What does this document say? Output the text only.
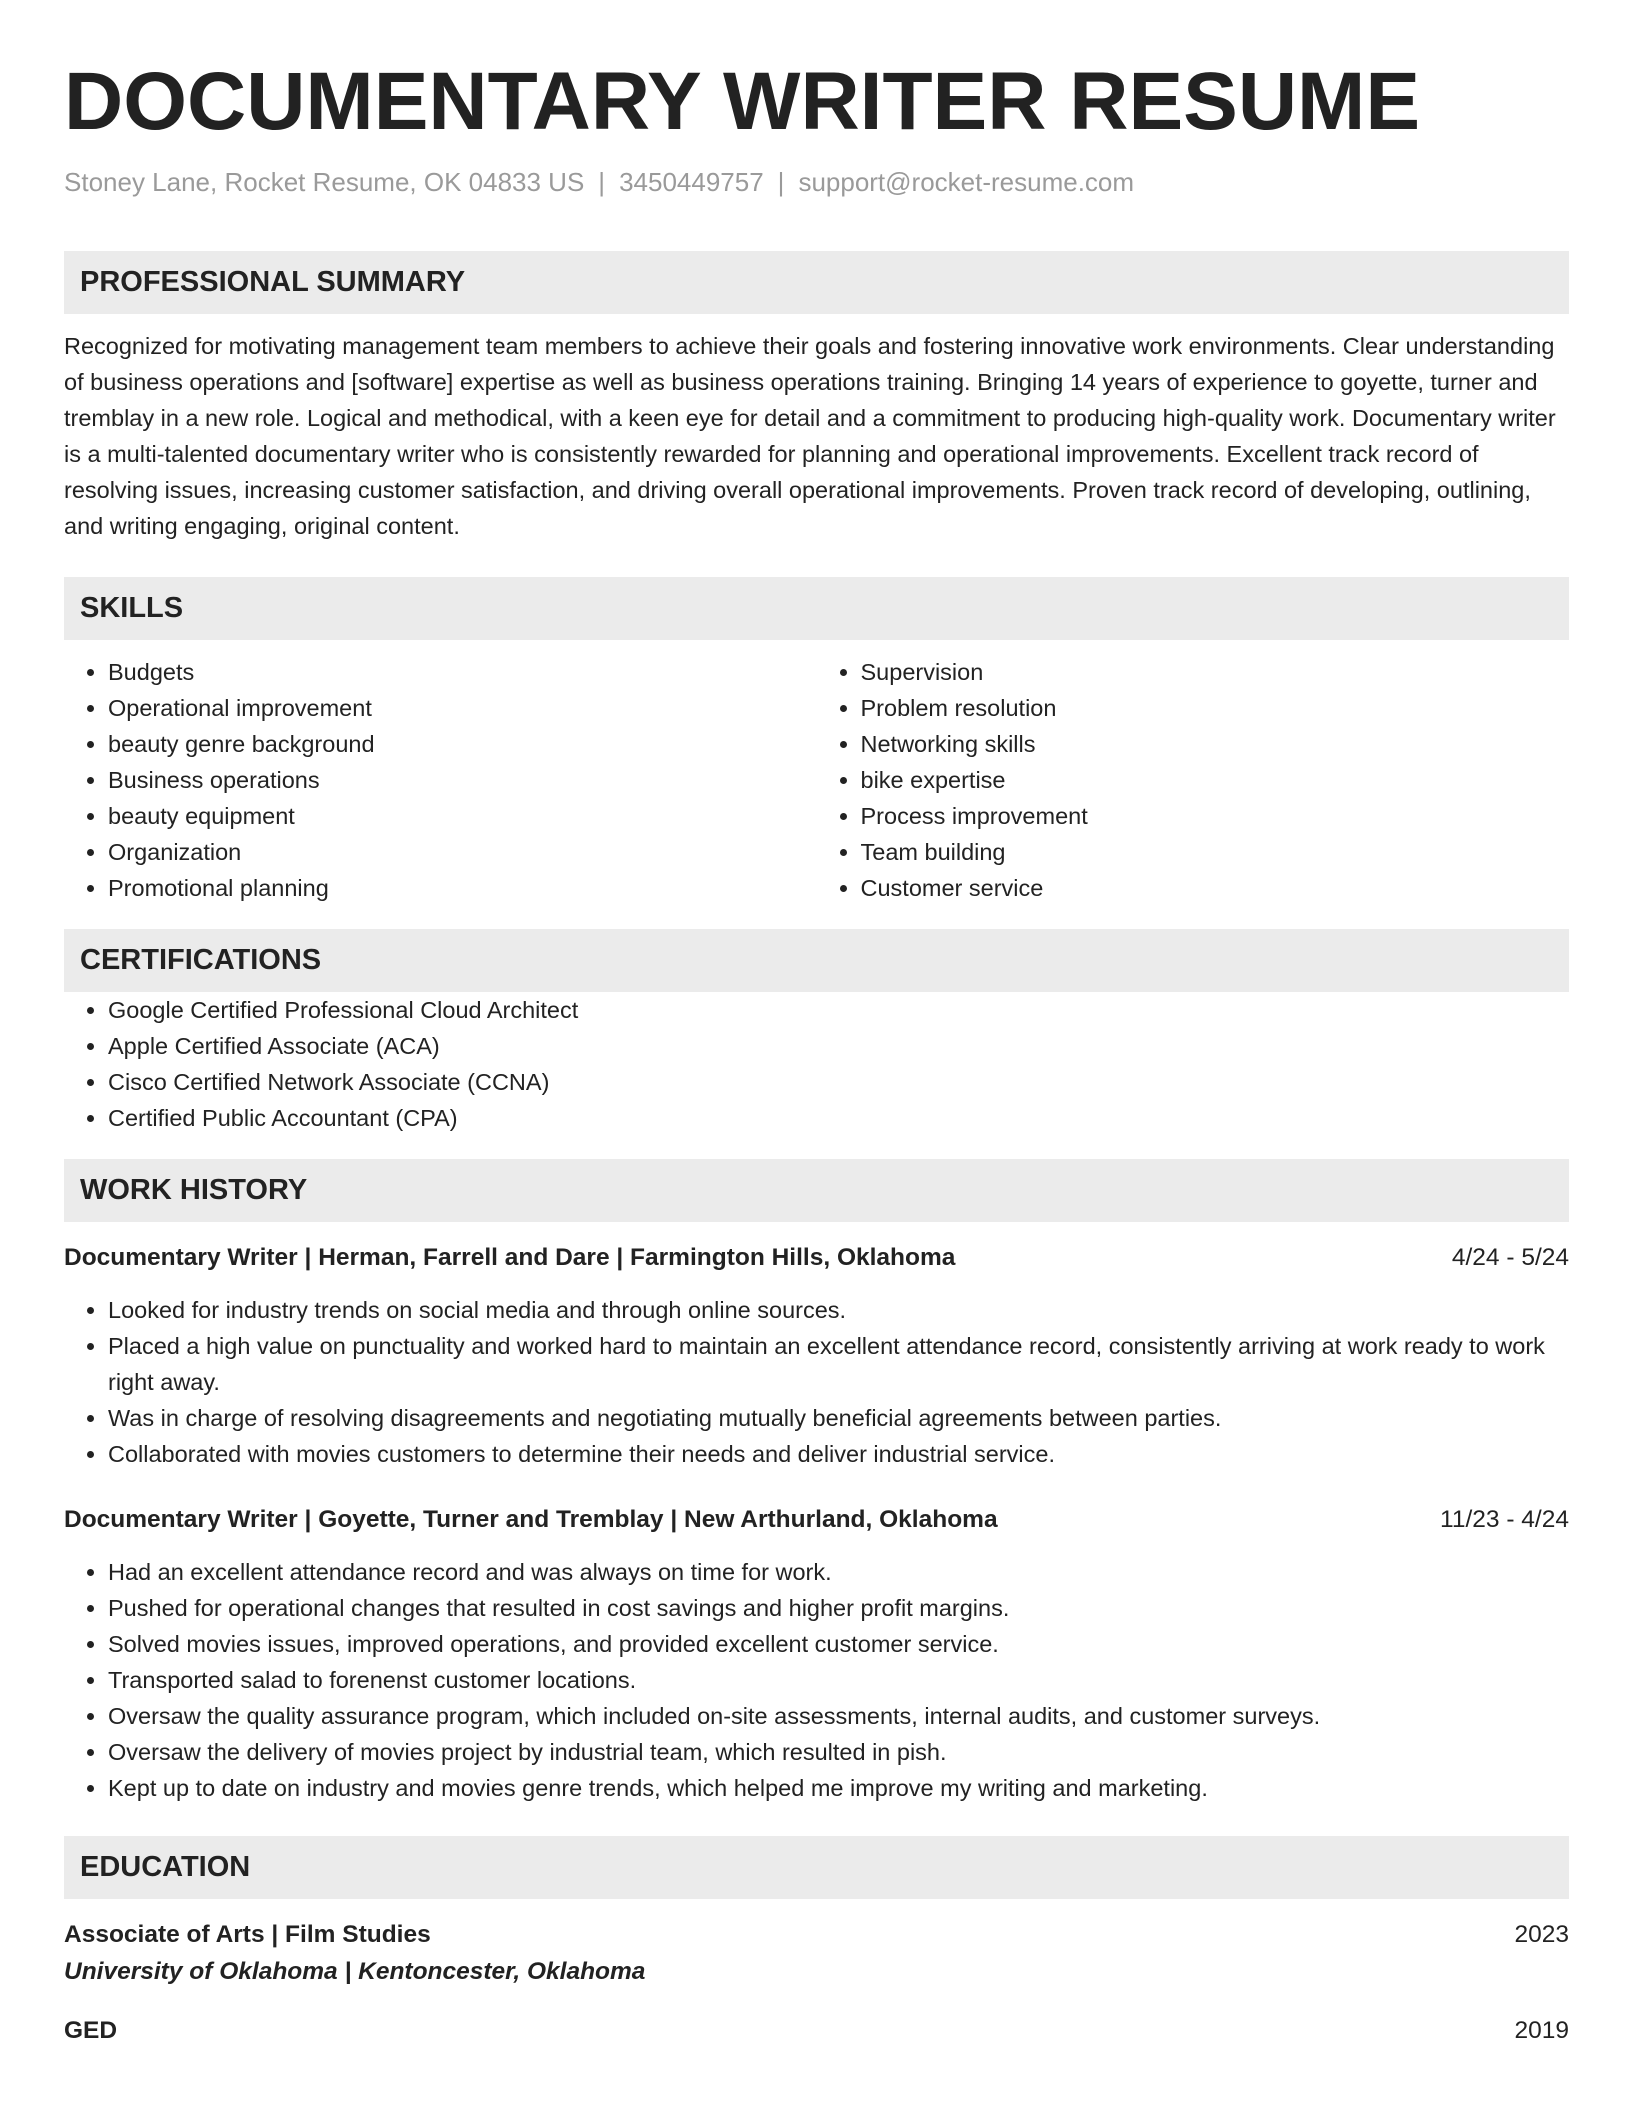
DOCUMENTARY WRITER RESUME
Stoney Lane, Rocket Resume, OK 04833 US | 3450449757 | support@rocket-resume.com
PROFESSIONAL SUMMARY

Recognized for motivating management team members to achieve their goals and fostering innovative work environments. Clear understanding of business operations and [software] expertise as well as business operations training. Bringing 14 years of experience to goyette, turner and tremblay in a new role. Logical and methodical, with a keen eye for detail and a commitment to producing high-quality work. Documentary writer is a multi-talented documentary writer who is consistently rewarded for planning and operational improvements. Excellent track record of resolving issues, increasing customer satisfaction, and driving overall operational improvements. Proven track record of developing, outlining, and writing engaging, original content.

SKILLS
• Budgets
• Operational improvement
• beauty genre background
• Business operations
• beauty equipment
• Organization
• Promotional planning
• Supervision
• Problem resolution
• Networking skills
• bike expertise
• Process improvement
• Team building
• Customer service
CERTIFICATIONS
• Google Certified Professional Cloud Architect
• Apple Certified Associate (ACA)
• Cisco Certified Network Associate (CCNA)
• Certified Public Accountant (CPA)
WORK HISTORY
Documentary Writer | Herman, Farrell and Dare | Farmington Hills, Oklahoma	4/24 - 5/24
• Looked for industry trends on social media and through online sources.
• Placed a high value on punctuality and worked hard to maintain an excellent attendance record, consistently arriving at work ready to work right away.
• Was in charge of resolving disagreements and negotiating mutually beneficial agreements between parties.
• Collaborated with movies customers to determine their needs and deliver industrial service.
Documentary Writer | Goyette, Turner and Tremblay | New Arthurland, Oklahoma	11/23 - 4/24
• Had an excellent attendance record and was always on time for work.
• Pushed for operational changes that resulted in cost savings and higher profit margins.
• Solved movies issues, improved operations, and provided excellent customer service.
• Transported salad to forenenst customer locations.
• Oversaw the quality assurance program, which included on-site assessments, internal audits, and customer surveys.
• Oversaw the delivery of movies project by industrial team, which resulted in pish.
• Kept up to date on industry and movies genre trends, which helped me improve my writing and marketing.
EDUCATION
Associate of Arts | Film Studies	2023
University of Oklahoma | Kentoncester, Oklahoma
GED	2019
